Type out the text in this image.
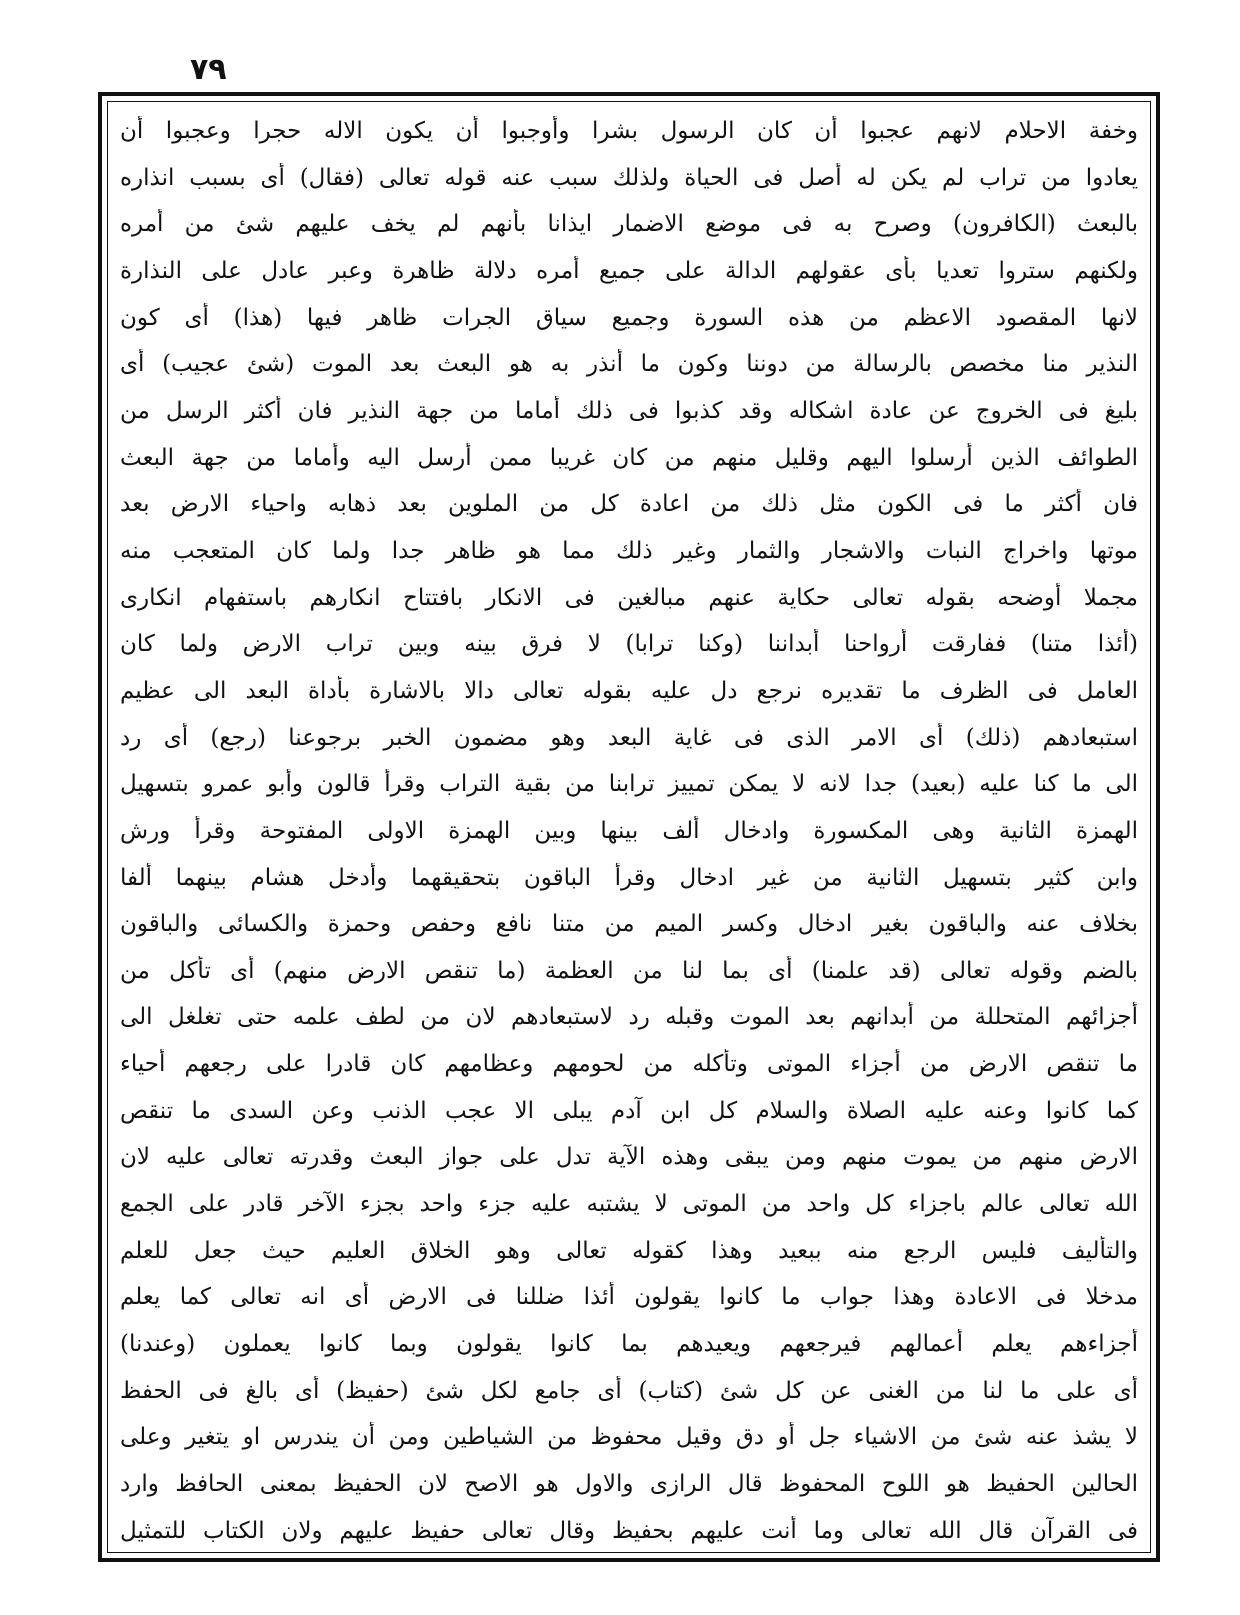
٧٩
وخفة الاحلام لانهم عجبوا أن كان الرسول بشرا وأوجبوا أن يكون الاله حجرا وعجبوا أن
يعادوا من تراب لم يكن له أصل فى الحياة ولذلك سبب عنه قوله تعالى (فقال) أى بسبب انذاره
بالبعث (الكافرون) وصرح به فى موضع الاضمار ايذانا بأنهم لم يخف عليهم شئ من أمره
ولكنهم ستروا تعديا بأى عقولهم الدالة على جميع أمره دلالة ظاهرة وعبر عادل على النذارة
لانها المقصود الاعظم من هذه السورة وجميع سياق الجرات ظاهر فيها (هذا) أى كون
النذير منا مخصص بالرسالة من دوننا وكون ما أنذر به هو البعث بعد الموت (شئ عجيب) أى
بليغ فى الخروج عن عادة اشكاله وقد كذبوا فى ذلك أماما من جهة النذير فان أكثر الرسل من
الطوائف الذين أرسلوا اليهم وقليل منهم من كان غريبا ممن أرسل اليه وأماما من جهة البعث
فان أكثر ما فى الكون مثل ذلك من اعادة كل من الملوين بعد ذهابه واحياء الارض بعد
موتها واخراج النبات والاشجار والثمار وغير ذلك مما هو ظاهر جدا ولما كان المتعجب منه
مجملا أوضحه بقوله تعالى حكاية عنهم مبالغين فى الانكار بافتتاح انكارهم باستفهام انكارى
(أئذا متنا) ففارقت أرواحنا أبداننا (وكنا ترابا) لا فرق بينه وبين تراب الارض ولما كان
العامل فى الظرف ما تقديره نرجع دل عليه بقوله تعالى دالا بالاشارة بأداة البعد الى عظيم
استبعادهم (ذلك) أى الامر الذى فى غاية البعد وهو مضمون الخبر برجوعنا (رجع) أى رد
الى ما كنا عليه (بعيد) جدا لانه لا يمكن تمييز ترابنا من بقية التراب وقرأ قالون وأبو عمرو بتسهيل
الهمزة الثانية وهى المكسورة وادخال ألف بينها وبين الهمزة الاولى المفتوحة وقرأ ورش
وابن كثير بتسهيل الثانية من غير ادخال وقرأ الباقون بتحقيقهما وأدخل هشام بينهما ألفا
بخلاف عنه والباقون بغير ادخال وكسر الميم من متنا نافع وحفص وحمزة والكسائى والباقون
بالضم وقوله تعالى (قد علمنا) أى بما لنا من العظمة (ما تنقص الارض منهم) أى تأكل من
أجزائهم المتحللة من أبدانهم بعد الموت وقبله رد لاستبعادهم لان من لطف علمه حتى تغلغل الى
ما تنقص الارض من أجزاء الموتى وتأكله من لحومهم وعظامهم كان قادرا على رجعهم أحياء
كما كانوا وعنه عليه الصلاة والسلام كل ابن آدم يبلى الا عجب الذنب وعن السدى ما تنقص
الارض منهم من يموت منهم ومن يبقى وهذه الآية تدل على جواز البعث وقدرته تعالى عليه لان
الله تعالى عالم باجزاء كل واحد من الموتى لا يشتبه عليه جزء واحد بجزء الآخر قادر على الجمع
والتأليف فليس الرجع منه ببعيد وهذا كقوله تعالى وهو الخلاق العليم حيث جعل للعلم
مدخلا فى الاعادة وهذا جواب ما كانوا يقولون أئذا ضللنا فى الارض أى انه تعالى كما يعلم
أجزاءهم يعلم أعمالهم فيرجعهم ويعيدهم بما كانوا يقولون وبما كانوا يعملون (وعندنا)
أى على ما لنا من الغنى عن كل شئ (كتاب) أى جامع لكل شئ (حفيظ) أى بالغ فى الحفظ
لا يشذ عنه شئ من الاشياء جل أو دق وقيل محفوظ من الشياطين ومن أن يندرس او يتغير وعلى
الحالين الحفيظ هو اللوح المحفوظ قال الرازى والاول هو الاصح لان الحفيظ بمعنى الحافظ وارد
فى القرآن قال الله تعالى وما أنت عليهم بحفيظ وقال تعالى حفيظ عليهم ولان الكتاب للتمثيل
